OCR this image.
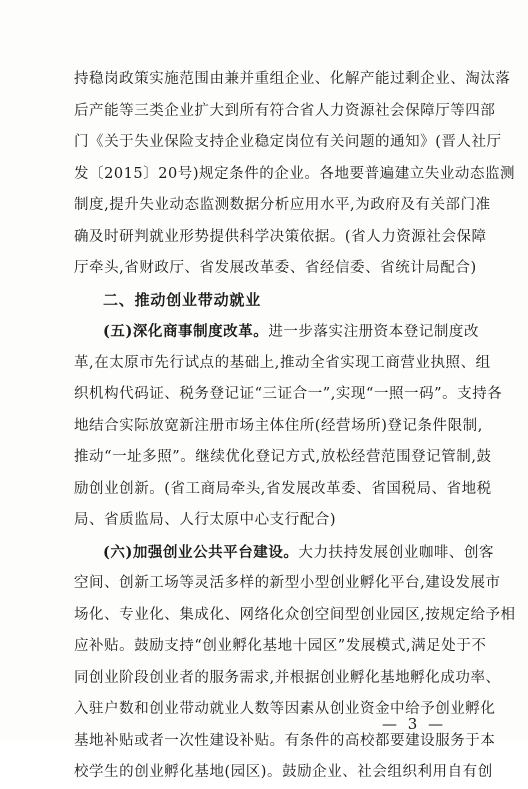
持稳岗政策实施范围由兼并重组企业、化解产能过剩企业、淘汰落
后产能等三类企业扩大到所有符合省人力资源社会保障厅等四部
门《关于失业保险支持企业稳定岗位有关问题的通知》(晋人社厅
发〔2015〕20号)规定条件的企业。各地要普遍建立失业动态监测
制度,提升失业动态监测数据分析应用水平,为政府及有关部门准
确及时研判就业形势提供科学决策依据。(省人力资源社会保障
厅牵头,省财政厅、省发展改革委、省经信委、省统计局配合)
二、推动创业带动就业
(五)深化商事制度改革。进一步落实注册资本登记制度改
革,在太原市先行试点的基础上,推动全省实现工商营业执照、组
织机构代码证、税务登记证“三证合一”,实现“一照一码”。支持各
地结合实际放宽新注册市场主体住所(经营场所)登记条件限制,
推动“一址多照”。继续优化登记方式,放松经营范围登记管制,鼓
励创业创新。(省工商局牵头,省发展改革委、省国税局、省地税
局、省质监局、人行太原中心支行配合)
(六)加强创业公共平台建设。大力扶持发展创业咖啡、创客
空间、创新工场等灵活多样的新型小型创业孵化平台,建设发展市
场化、专业化、集成化、网络化众创空间型创业园区,按规定给予相
应补贴。鼓励支持“创业孵化基地十园区”发展模式,满足处于不
同创业阶段创业者的服务需求,并根据创业孵化基地孵化成功率、
入驻户数和创业带动就业人数等因素从创业资金中给予创业孵化
基地补贴或者一次性建设补贴。有条件的高校都要建设服务于本
校学生的创业孵化基地(园区)。鼓励企业、社会组织利用自有创
— 3 —
